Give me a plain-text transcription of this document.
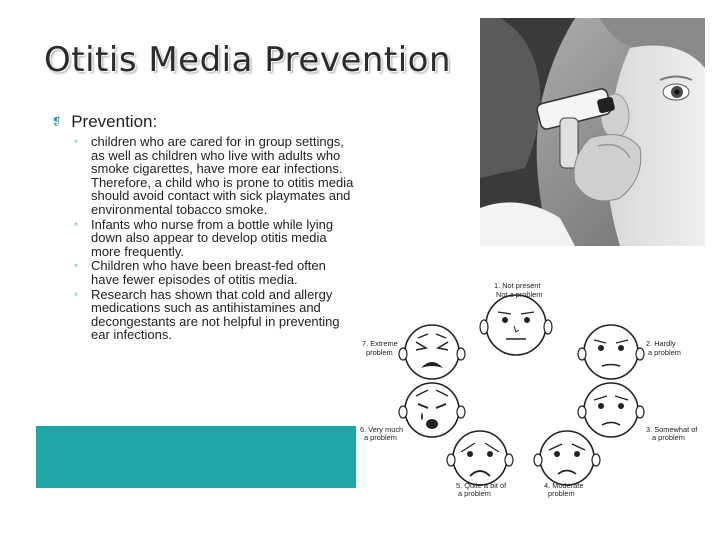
Otitis Media Prevention
❡ Prevention:
◦ children who are cared for in group settings, as well as children who live with adults who smoke cigarettes, have more ear infections. Therefore, a child who is prone to otitis media should avoid contact with sick playmates and environmental tobacco smoke.
◦ Infants who nurse from a bottle while lying down also appear to develop otitis media more frequently.
◦ Children who have been breast-fed often have fewer episodes of otitis media.
◦ Research has shown that cold and allergy medications such as antihistamines and decongestants are not helpful in preventing ear infections.
1. Not present
Not a problem
2. Hardly
a problem
3. Somewhat of
a problem
4. Moderate
problem
5. Quite a bit of
a problem
6. Very much
a problem
7. Extreme
problem
